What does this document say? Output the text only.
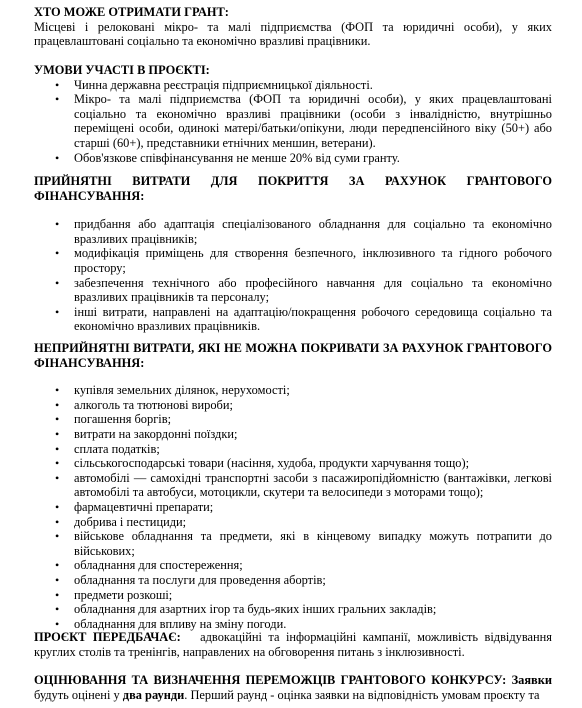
ХТО МОЖЕ ОТРИМАТИ ГРАНТ:

Місцеві і релоковані мікро- та малі підприємства (ФОП та юридичні особи), у яких працевлаштовані соціально та економічно вразливі працівники.

УМОВИ УЧАСТІ В ПРОЄКТІ:

• Чинна державна реєстрація підприємницької діяльності.
• Мікро- та малі підприємства (ФОП та юридичні особи), у яких працевлаштовані соціально та економічно вразливі працівники (особи з інвалідністю, внутрішньо переміщені особи, одинокі матері/батьки/опікуни, люди передпенсійного віку (50+) або старші (60+), представники етнічних меншин, ветерани).
• Обов'язкове співфінансування не менше 20% від суми гранту.

ПРИЙНЯТНІ ВИТРАТИ ДЛЯ ПОКРИТТЯ ЗА РАХУНОК ГРАНТОВОГО ФІНАНСУВАННЯ:

• придбання або адаптація спеціалізованого обладнання для соціально та економічно вразливих працівників;
• модифікація приміщень для створення безпечного, інклюзивного та гідного робочого простору;
• забезпечення технічного або професійного навчання для соціально та економічно вразливих працівників та персоналу;
• інші витрати, направлені на адаптацію/покращення робочого середовища соціально та економічно вразливих працівників.

НЕПРИЙНЯТНІ ВИТРАТИ, ЯКІ НЕ МОЖНА ПОКРИВАТИ ЗА РАХУНОК ГРАНТОВОГО ФІНАНСУВАННЯ:

• купівля земельних ділянок, нерухомості;
• алкоголь та тютюнові вироби;
• погашення боргів;
• витрати на закордонні поїздки;
• сплата податків;
• сільськогосподарські товари (насіння, худоба, продукти харчування тощо);
• автомобілі — самохідні транспортні засоби з пасажиропідйомністю (вантажівки, легкові автомобілі та автобуси, мотоцикли, скутери та велосипеди з моторами тощо);
• фармацевтичні препарати;
• добрива і пестициди;
• військове обладнання та предмети, які в кінцевому випадку можуть потрапити до військових;
• обладнання для спостереження;
• обладнання та послуги для проведення абортів;
• предмети розкоші;
• обладнання для азартних ігор та будь-яких інших гральних закладів;
• обладнання для впливу на зміну погоди.

ПРОЄКТ ПЕРЕДБАЧАЄ: адвокаційні та інформаційні кампанії, можливість відвідування круглих столів та тренінгів, направлених на обговорення питань з інклюзивності.

ОЦІНЮВАННЯ ТА ВИЗНАЧЕННЯ ПЕРЕМОЖЦІВ ГРАНТОВОГО КОНКУРСУ: Заявки будуть оцінені у два раунди. Перший раунд - оцінка заявки на відповідність умовам проєкту та
